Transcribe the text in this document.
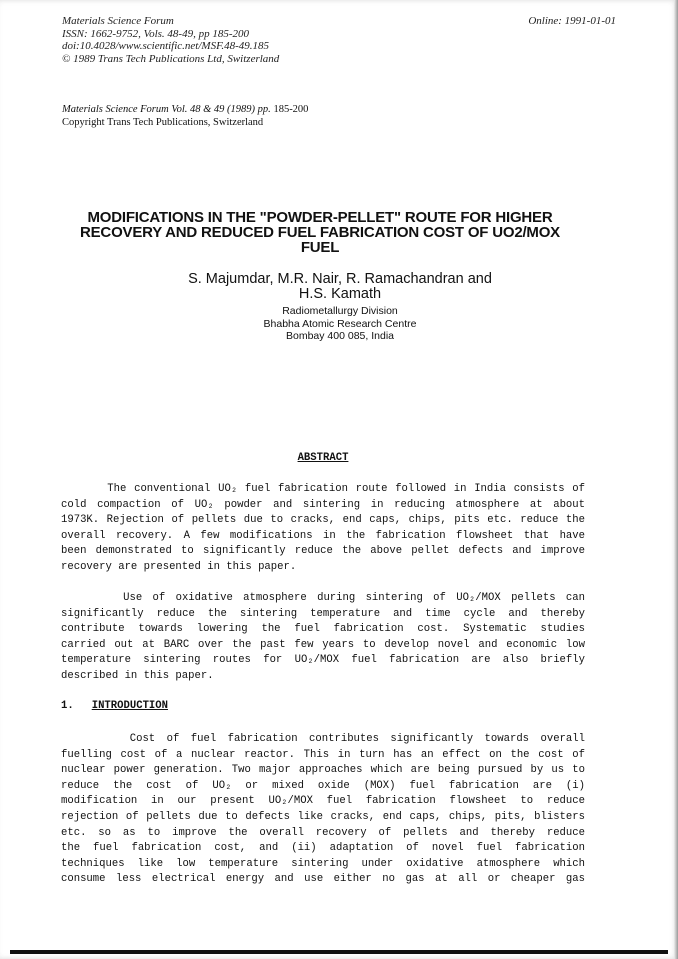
Materials Science Forum
ISSN: 1662-9752, Vols. 48-49, pp 185-200
doi:10.4028/www.scientific.net/MSF.48-49.185
© 1989 Trans Tech Publications Ltd, Switzerland
Online: 1991-01-01
Materials Science Forum Vol. 48 & 49 (1989) pp. 185-200
Copyright Trans Tech Publications, Switzerland
MODIFICATIONS IN THE "POWDER-PELLET" ROUTE FOR HIGHER
RECOVERY AND REDUCED FUEL FABRICATION COST OF UO2/MOX
FUEL
S. Majumdar, M.R. Nair, R. Ramachandran and
H.S. Kamath
Radiometallurgy Division
Bhabha Atomic Research Centre
Bombay 400 085, India
ABSTRACT
The conventional UO₂ fuel fabrication route followed in India consists of
cold compaction of UO₂ powder and sintering in reducing atmosphere at about
1973K. Rejection of pellets due to cracks, end caps, chips, pits etc. reduce the
overall recovery. A few modifications in the fabrication flowsheet that have
been demonstrated to significantly reduce the above pellet defects and improve
recovery are presented in this paper.
Use of oxidative atmosphere during sintering of UO₂/MOX pellets can
significantly reduce the sintering temperature and time cycle and thereby
contribute towards lowering the fuel fabrication cost. Systematic studies
carried out at BARC over the past few years to develop novel and economic low
temperature sintering routes for UO₂/MOX fuel fabrication are also briefly
described in this paper.
1. INTRODUCTION
Cost of fuel fabrication contributes significantly towards overall
fuelling cost of a nuclear reactor. This in turn has an effect on the cost of
nuclear power generation. Two major approaches which are being pursued by us to
reduce the cost of UO₂ or mixed oxide (MOX) fuel fabrication are (i)
modification in our present UO₂/MOX fuel fabrication flowsheet to reduce
rejection of pellets due to defects like cracks, end caps, chips, pits, blisters
etc. so as to improve the overall recovery of pellets and thereby reduce
the fuel fabrication cost, and (ii) adaptation of novel fuel fabrication
techniques like low temperature sintering under oxidative atmosphere which
consume less electrical energy and use either no gas at all or cheaper gas
